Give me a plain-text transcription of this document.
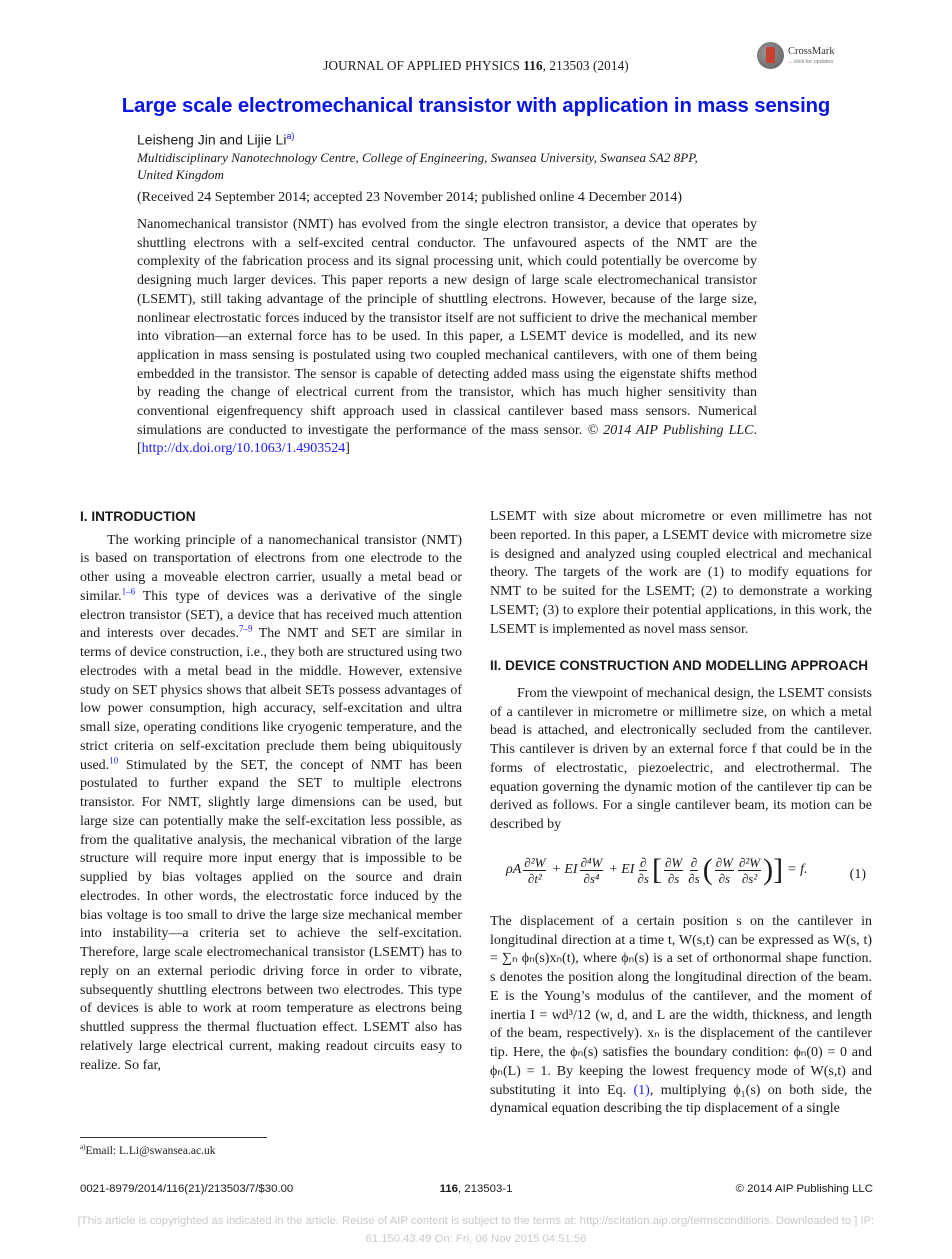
JOURNAL OF APPLIED PHYSICS 116, 213503 (2014)
CrossMark
←click for updates
Large scale electromechanical transistor with application in mass sensing
Leisheng Jin and Lijie Li$^{a)}$
Multidisciplinary Nanotechnology Centre, College of Engineering, Swansea University, Swansea SA2 8PP,
United Kingdom
(Received 24 September 2014; accepted 23 November 2014; published online 4 December 2014)
Nanomechanical transistor (NMT) has evolved from the single electron transistor, a device that operates by shuttling electrons with a self-excited central conductor. The unfavoured aspects of the NMT are the complexity of the fabrication process and its signal processing unit, which could potentially be overcome by designing much larger devices. This paper reports a new design of large scale electromechanical transistor (LSEMT), still taking advantage of the principle of shuttling electrons. However, because of the large size, nonlinear electrostatic forces induced by the transistor itself are not sufficient to drive the mechanical member into vibration—an external force has to be used. In this paper, a LSEMT device is modelled, and its new application in mass sensing is postulated using two coupled mechanical cantilevers, with one of them being embedded in the transistor. The sensor is capable of detecting added mass using the eigenstate shifts method by reading the change of electrical current from the transistor, which has much higher sensitivity than conventional eigenfrequency shift approach used in classical cantilever based mass sensors. Numerical simulations are conducted to investigate the performance of the mass sensor. © 2014 AIP Publishing LLC. [http://dx.doi.org/10.1063/1.4903524]
I. INTRODUCTION

The working principle of a nanomechanical transistor (NMT) is based on transportation of electrons from one electrode to the other using a moveable electron carrier, usually a metal bead or similar.$^{1-6}$ This type of devices was a derivative of the single electron transistor (SET), a device that has received much attention and interests over decades.$^{7-9}$ The NMT and SET are similar in terms of device construction, i.e., they both are structured using two electrodes with a metal bead in the middle. However, extensive study on SET physics shows that albeit SETs possess advantages of low power consumption, high accuracy, self-excitation and ultra small size, operating conditions like cryogenic temperature, and the strict criteria on self-excitation preclude them being ubiquitously used.$^{10}$ Stimulated by the SET, the concept of NMT has been postulated to further expand the SET to multiple electrons transistor. For NMT, slightly large dimensions can be used, but large size can potentially make the self-excitation less possible, as from the qualitative analysis, the mechanical vibration of the large structure will require more input energy that is impossible to be supplied by bias voltages applied on the source and drain electrodes. In other words, the electrostatic force induced by the bias voltage is too small to drive the large size mechanical member into instability—a criteria set to achieve the self-excitation. Therefore, large scale electromechanical transistor (LSEMT) has to reply on an external periodic driving force in order to vibrate, subsequently shuttling electrons between two electrodes. This type of devices is able to work at room temperature as electrons being shuttled suppress the thermal fluctuation effect. LSEMT also has relatively large electrical current, making readout circuits easy to realize. So far,

LSEMT with size about micrometre or even millimetre has not been reported. In this paper, a LSEMT device with micrometre size is designed and analyzed using coupled electrical and mechanical theory. The targets of the work are (1) to modify equations for NMT to be suited for the LSEMT; (2) to demonstrate a working LSEMT; (3) to explore their potential applications, in this work, the LSEMT is implemented as novel mass sensor.

II. DEVICE CONSTRUCTION AND MODELLING APPROACH

From the viewpoint of mechanical design, the LSEMT consists of a cantilever in micrometre or millimetre size, on which a metal bead is attached, and electronically secluded from the cantilever. This cantilever is driven by an external force f that could be in the forms of electrostatic, piezoelectric, and electrothermal. The equation governing the dynamic motion of the cantilever tip can be derived as follows. For a single cantilever beam, its motion can be described by

ρA $\frac{\text{∂²W}}{\text{∂t²}}$ + EI $\frac{\text{∂⁴W}}{\text{∂s⁴}}$ + EI $\frac{\partial}{\partial s}$ [ $\frac{\partial W}{\partial s} \frac{\partial}{\partial s}$ ( $\frac{\partial W}{\partial s} \frac{\text{∂²W}}{\text{∂s²}}$ ) ] = f.	(1)

The displacement of a certain position s on the cantilever in longitudinal direction at a time t, W(s,t) can be expressed as W(s, t) = ∑ₙ ϕₙ(s)xₙ(t), where ϕₙ(s) is a set of orthonormal shape function. s denotes the position along the longitudinal direction of the beam. E is the Young’s modulus of the cantilever, and the moment of inertia I = wd³/12 (w, d, and L are the width, thickness, and length of the beam, respectively). xₙ is the displacement of the cantilever tip. Here, the ϕₙ(s) satisfies the boundary condition: ϕₙ(0) = 0 and ϕₙ(L) = 1. By keeping the lowest frequency mode of W(s,t) and substituting it into Eq. (1), multiplying ϕ₁(s) on both side, the dynamical equation describing the tip displacement of a single

$^{a)}$Email: L.Li@swansea.ac.uk
0021-8979/2014/116(21)/213503/7/$30.00	116, 213503-1	© 2014 AIP Publishing LLC
[This article is copyrighted as indicated in the article. Reuse of AIP content is subject to the terms at: http://scitation.aip.org/termsconditions. Downloaded to ] IP:
61.150.43.49 On: Fri, 06 Nov 2015 04:51:56
